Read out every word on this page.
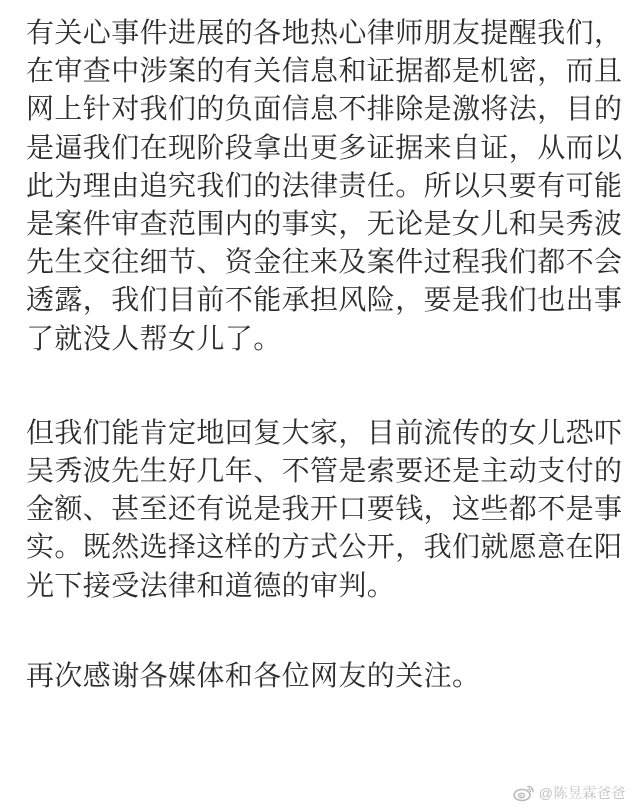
有关心事件进展的各地热心律师朋友提醒我们，
在审查中涉案的有关信息和证据都是机密，而且
网上针对我们的负面信息不排除是激将法，目的
是逼我们在现阶段拿出更多证据来自证，从而以
此为理由追究我们的法律责任。所以只要有可能
是案件审查范围内的事实，无论是女儿和吴秀波
先生交往细节、资金往来及案件过程我们都不会
透露，我们目前不能承担风险，要是我们也出事
了就没人帮女儿了。
但我们能肯定地回复大家，目前流传的女儿恐吓
吴秀波先生好几年、不管是索要还是主动支付的
金额、甚至还有说是我开口要钱，这些都不是事
实。既然选择这样的方式公开，我们就愿意在阳
光下接受法律和道德的审判。
再次感谢各媒体和各位网友的关注。
@陈昱霖爸爸
